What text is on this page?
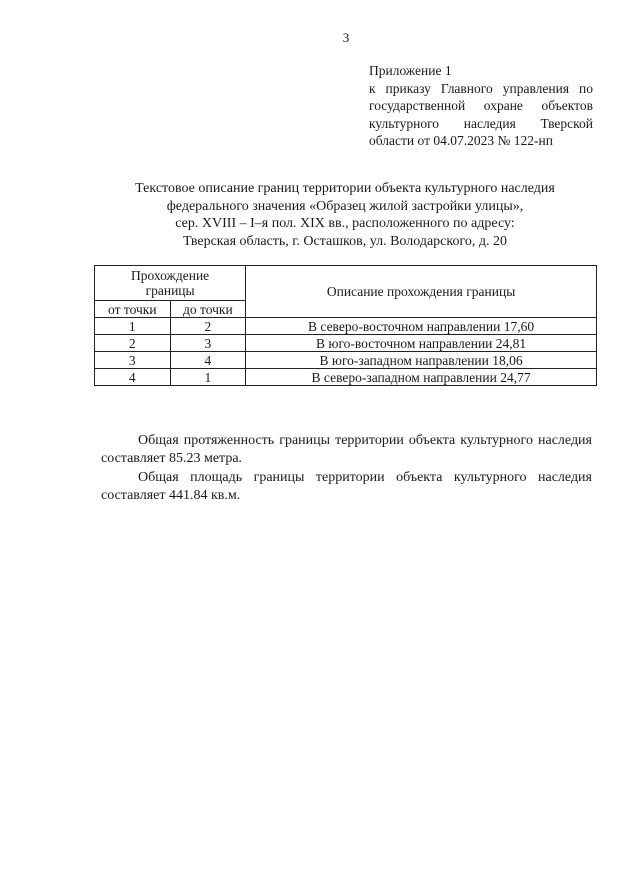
3
Приложение 1
к приказу Главного управления по
государственной охране объектов
культурного наследия Тверской
области от 04.07.2023 № 122-нп
Текстовое описание границ территории объекта культурного наследия
федерального значения «Образец жилой застройки улицы»,
сер. XVIII – I–я пол. XIX вв., расположенного по адресу:
Тверская область, г. Осташков, ул. Володарского, д. 20
Прохождение
границы		Описание прохождения границы
от точки	до точки	
1	2	В северо-восточном направлении 17,60
2	3	В юго-восточном направлении 24,81
3	4	В юго-западном направлении 18,06
4	1	В северо-западном направлении 24,77

Общая протяженность границы территории объекта культурного наследия составляет 85.23 метра.

Общая площадь границы территории объекта культурного наследия составляет 441.84 кв.м.
